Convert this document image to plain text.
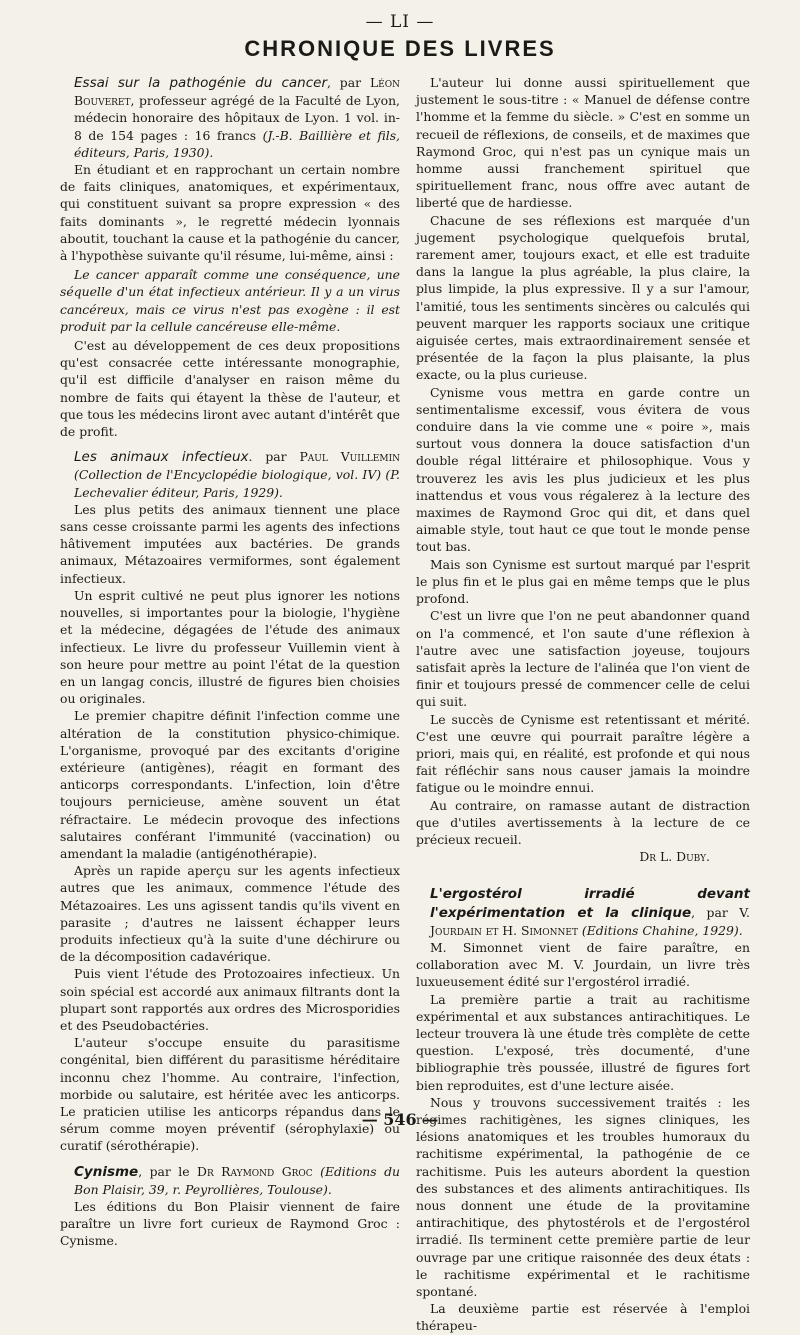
— LI —
CHRONIQUE DES LIVRES

Essai sur la pathogénie du cancer, par Léon Bouveret, professeur agrégé de la Faculté de Lyon, médecin honoraire des hôpitaux de Lyon. 1 vol. in-8 de 154 pages : 16 francs (J.-B. Baillière et fils, éditeurs, Paris, 1930).

En étudiant et en rapprochant un certain nombre de faits cliniques, anatomiques, et expérimentaux, qui constituent suivant sa propre expression « des faits dominants », le regretté médecin lyonnais aboutit, touchant la cause et la pathogénie du cancer, à l'hypothèse suivante qu'il résume, lui-même, ainsi :

Le cancer apparaît comme une conséquence, une séquelle d'un état infectieux antérieur. Il y a un virus cancéreux, mais ce virus n'est pas exogène : il est produit par la cellule cancéreuse elle-même.

C'est au développement de ces deux propositions qu'est consacrée cette intéressante monographie, qu'il est difficile d'analyser en raison même du nombre de faits qui étayent la thèse de l'auteur, et que tous les médecins liront avec autant d'intérêt que de profit.

Les animaux infectieux. par Paul Vuillemin (Collection de l'Encyclopédie biologique, vol. IV) (P. Lechevalier éditeur, Paris, 1929).

Les plus petits des animaux tiennent une place sans cesse croissante parmi les agents des infections hâtivement imputées aux bactéries. De grands animaux, Métazoaires vermiformes, sont également infectieux.

Un esprit cultivé ne peut plus ignorer les notions nouvelles, si importantes pour la biologie, l'hygiène et la médecine, dégagées de l'étude des animaux infectieux. Le livre du professeur Vuillemin vient à son heure pour mettre au point l'état de la question en un langag concis, illustré de figures bien choisies ou originales.

Le premier chapitre définit l'infection comme une altération de la constitution physico-chimique. L'organisme, provoqué par des excitants d'origine extérieure (antigènes), réagit en formant des anticorps correspondants. L'infection, loin d'être toujours pernicieuse, amène souvent un état réfractaire. Le médecin provoque des infections salutaires conférant l'immunité (vaccination) ou amendant la maladie (antigénothérapie).

Après un rapide aperçu sur les agents infectieux autres que les animaux, commence l'étude des Métazoaires. Les uns agissent tandis qu'ils vivent en parasite ; d'autres ne laissent échapper leurs produits infectieux qu'à la suite d'une déchirure ou de la décomposition cadavérique.

Puis vient l'étude des Protozoaires infectieux. Un soin spécial est accordé aux animaux filtrants dont la plupart sont rapportés aux ordres des Microsporidies et des Pseudobactéries.

L'auteur s'occupe ensuite du parasitisme congénital, bien différent du parasitisme héréditaire inconnu chez l'homme. Au contraire, l'infection, morbide ou salutaire, est héritée avec les anticorps. Le praticien utilise les anticorps répandus dans le sérum comme moyen préventif (sérophylaxie) ou curatif (sérothérapie).

Cynisme, par le Dr Raymond Groc (Editions du Bon Plaisir, 39, r. Peyrollières, Toulouse).

Les éditions du Bon Plaisir viennent de faire paraître un livre fort curieux de Raymond Groc : Cynisme.

L'auteur lui donne aussi spirituellement que justement le sous-titre : « Manuel de défense contre l'homme et la femme du siècle. » C'est en somme un recueil de réflexions, de conseils, et de maximes que Raymond Groc, qui n'est pas un cynique mais un homme aussi franchement spirituel que spirituellement franc, nous offre avec autant de liberté que de hardiesse.

Chacune de ses réflexions est marquée d'un jugement psychologique quelquefois brutal, rarement amer, toujours exact, et elle est traduite dans la langue la plus agréable, la plus claire, la plus limpide, la plus expressive. Il y a sur l'amour, l'amitié, tous les sentiments sincères ou calculés qui peuvent marquer les rapports sociaux une critique aiguisée certes, mais extraordinairement sensée et présentée de la façon la plus plaisante, la plus exacte, ou la plus curieuse.

Cynisme vous mettra en garde contre un sentimentalisme excessif, vous évitera de vous conduire dans la vie comme une « poire », mais surtout vous donnera la douce satisfaction d'un double régal littéraire et philosophique. Vous y trouverez les avis les plus judicieux et les plus inattendus et vous vous régalerez à la lecture des maximes de Raymond Groc qui dit, et dans quel aimable style, tout haut ce que tout le monde pense tout bas.

Mais son Cynisme est surtout marqué par l'esprit le plus fin et le plus gai en même temps que le plus profond.

C'est un livre que l'on ne peut abandonner quand on l'a commencé, et l'on saute d'une réflexion à l'autre avec une satisfaction joyeuse, toujours satisfait après la lecture de l'alinéa que l'on vient de finir et toujours pressé de commencer celle de celui qui suit.

Le succès de Cynisme est retentissant et mérité. C'est une œuvre qui pourrait paraître légère a priori, mais qui, en réalité, est profonde et qui nous fait réfléchir sans nous causer jamais la moindre fatigue ou le moindre ennui.

Au contraire, on ramasse autant de distraction que d'utiles avertissements à la lecture de ce précieux recueil.

Dr L. Duby.

L'ergostérol irradié devant l'expérimentation et la clinique, par V. Jourdain et H. Simonnet (Editions Chahine, 1929).

M. Simonnet vient de faire paraître, en collaboration avec M. V. Jourdain, un livre très luxueusement édité sur l'ergostérol irradié.

La première partie a trait au rachitisme expérimental et aux substances antirachitiques. Le lecteur trouvera là une étude très complète de cette question. L'exposé, très documenté, d'une bibliographie très poussée, illustré de figures fort bien reproduites, est d'une lecture aisée.

Nous y trouvons successivement traités : les régimes rachitigènes, les signes cliniques, les lésions anatomiques et les troubles humoraux du rachitisme expérimental, la pathogénie de ce rachitisme. Puis les auteurs abordent la question des substances et des aliments antirachitiques. Ils nous donnent une étude de la provitamine antirachitique, des phytostérols et de l'ergostérol irradié. Ils terminent cette première partie de leur ouvrage par une critique raisonnée des deux états : le rachitisme expérimental et le rachitisme spontané.

La deuxième partie est réservée à l'emploi thérapeu-

— 546 —
